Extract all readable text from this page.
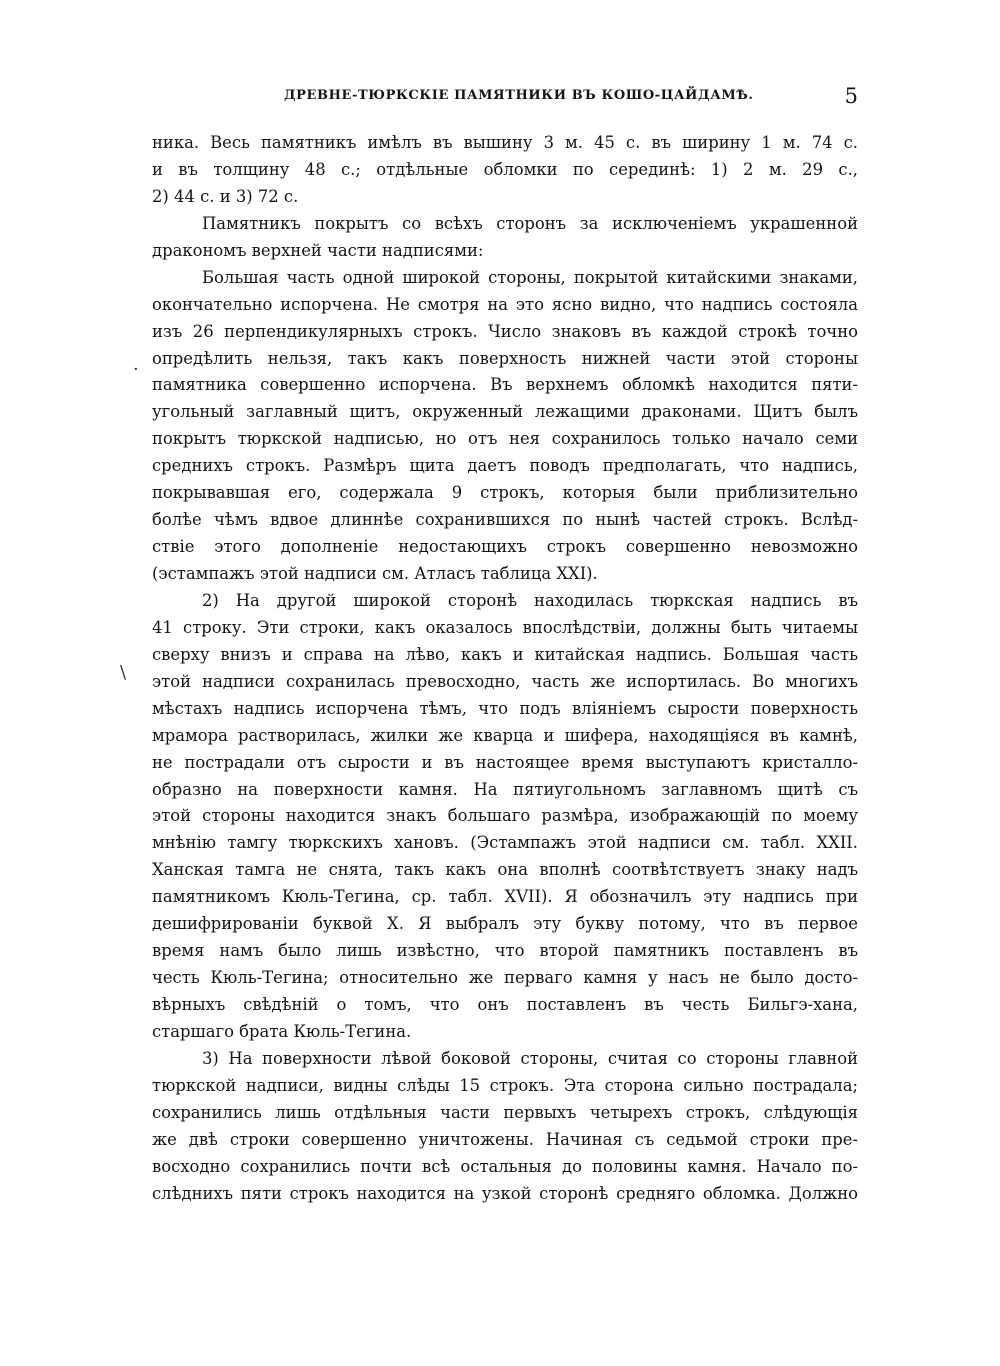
ДРЕВНЕ-ТЮРКСКIЕ ПАМЯТНИКИ ВЪ КОШО-ЦАЙДАМѢ.	5
·
\
ника. Весь памятникъ имѣлъ въ вышину 3 м. 45 с. въ ширину 1 м. 74 с.
и въ толщину 48 с.; отдѣльные обломки по серединѣ: 1) 2 м. 29 с.,
2) 44 с. и 3) 72 с.
Памятникъ покрытъ со всѣхъ сторонъ за исключенiемъ украшенной
дракономъ верхней части надписями:
Большая часть одной широкой стороны, покрытой китайскими знаками,
окончательно испорчена. Не смотря на это ясно видно, что надпись состояла
изъ 26 перпендикулярныхъ строкъ. Число знаковъ въ каждой строкѣ точно
опредѣлить нельзя, такъ какъ поверхность нижней части этой стороны
памятника совершенно испорчена. Въ верхнемъ обломкѣ находится пяти-
угольный заглавный щитъ, окруженный лежащими драконами. Щитъ былъ
покрытъ тюркской надписью, но отъ нея сохранилось только начало семи
среднихъ строкъ. Размѣръ щита даетъ поводъ предполагать, что надпись,
покрывавшая его, содержала 9 строкъ, которыя были приблизительно
болѣе чѣмъ вдвое длиннѣе сохранившихся по нынѣ частей строкъ. Вслѣд-
ствiе этого дополненiе недостающихъ строкъ совершенно невозможно
(эстампажъ этой надписи см. Атласъ таблица XXI).
2) На другой широкой сторонѣ находилась тюркская надпись въ
41 строку. Эти строки, какъ оказалось впослѣдствiи, должны быть читаемы
сверху внизъ и справа на лѣво, какъ и китайская надпись. Большая часть
этой надписи сохранилась превосходно, часть же испортилась. Во многихъ
мѣстахъ надпись испорчена тѣмъ, что подъ влiянiемъ сырости поверхность
мрамора растворилась, жилки же кварца и шифера, находящiяся въ камнѣ,
не пострадали отъ сырости и въ настоящее время выступаютъ кристалло-
образно на поверхности камня. На пятиугольномъ заглавномъ щитѣ съ
этой стороны находится знакъ большаго размѣра, изображающiй по моему
мнѣнiю тамгу тюркскихъ хановъ. (Эстампажъ этой надписи см. табл. XXII.
Ханская тамга не снята, такъ какъ она вполнѣ соотвѣтствуетъ знаку надъ
памятникомъ Кюль-Тегина, ср. табл. XVII). Я обозначилъ эту надпись при
дешифрированiи буквой X. Я выбралъ эту букву потому, что въ первое
время намъ было лишь извѣстно, что второй памятникъ поставленъ въ
честь Кюль-Тегина; относительно же перваго камня у насъ не было досто-
вѣрныхъ свѣдѣнiй о томъ, что онъ поставленъ въ честь Бильгэ-хана,
старшаго брата Кюль-Тегина.
3) На поверхности лѣвой боковой стороны, считая со стороны главной
тюркской надписи, видны слѣды 15 строкъ. Эта сторона сильно пострадала;
сохранились лишь отдѣльныя части первыхъ четырехъ строкъ, слѣдующiя
же двѣ строки совершенно уничтожены. Начиная съ седьмой строки пре-
восходно сохранились почти всѣ остальныя до половины камня. Начало по-
слѣднихъ пяти строкъ находится на узкой сторонѣ средняго обломка. Должно
